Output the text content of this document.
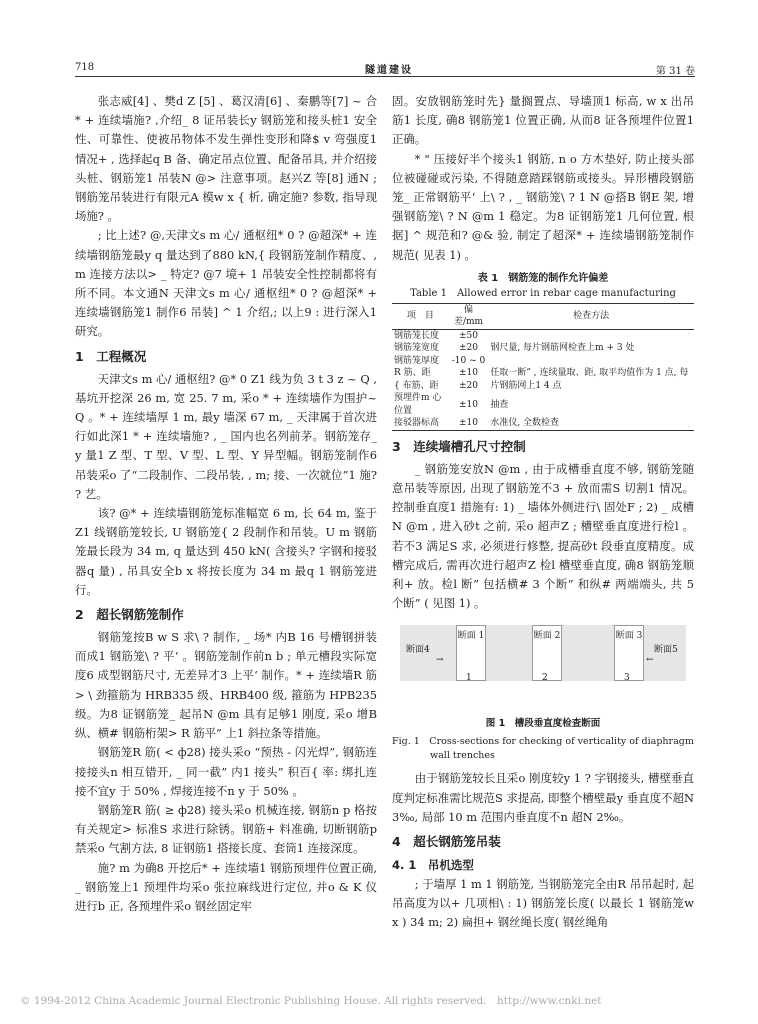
718	隧道建设	第 31 卷

张志威[4] 、樊d Z [5] 、葛汉清[6] 、秦鹏等[7] ~ 合* + 连续墙施? ,介绍_ 8 证吊装长y 钢筋笼和接头桩1 安全性、可靠性、使被吊物体不发生弹性变形和降$ v 弯强度1 情况+ , 选择起q B 备、确定吊点位置、配备吊具, 并介绍接头桩、钢筋笼1 吊装N @> 注意事项。赵兴Z 等[8] 通N ; 钢筋笼吊装进行有限元A 模w x { 析, 确定施? 参数, 指导现场施? 。

; 比上述? @,天津文s m 心/ 通枢纽* 0 ? @超深* + 连续墙钢筋笼最y q 量达到了880 kN,{ 段钢筋笼制作精度、, m 连接方法以> _ 特定? @7 境+ 1 吊装安全性控制都将有所不同。本文通N 天津文s m 心/ 通枢纽* 0 ? @超深* + 连续墙钢筋笼1 制作6 吊装] ^ 1 介绍,; 以上9 : 进行深入1 研究。

1　工程概况

天津文s m 心/ 通枢纽? @* 0 Z1 线为负 3 t 3 z ~ Q , 基坑开挖深 26 m, 宽 25. 7 m, 采o * + 连续墙作为围护~ Q 。* + 连续墙厚 1 m, 最y 墙深 67 m, _ 天津属于首次进行如此深1 * + 连续墙施? , _ 国内也名列前茅。钢筋笼存_ y 量1 Z 型、T 型、V 型、L 型、Y 异型幅。钢筋笼制作6 吊装采o 了“二段制作、二段吊装, , m; 接、一次就位”1 施? ? 艺。

该? @* + 连续墙钢筋笼标准幅宽 6 m, 长 64 m, 鉴于 Z1 线钢筋笼较长, U 钢筋笼{ 2 段制作和吊装。U m 钢筋笼最长段为 34 m, q 量达到 450 kN( 含接头? 字钢和接驳器q 量) , 吊具安全b x 将按长度为 34 m 最q 1 钢筋笼进行。

2　超长钢筋笼制作

钢筋笼按B w S 求\ ? 制作, _ 场* 内B 16 号槽钢拼装而成1 钢筋笼\ ? 平‘ 。钢筋笼制作前n b ; 单元槽段实际宽度6 成型钢筋尺寸, 无差异才3 上平‘ 制作。* + 连续墙R 筋> \ 劲箍筋为 HRB335 级、HRB400 级, 箍筋为 HPB235 级。为8 证钢筋笼_ 起吊N @m 具有足够1 刚度, 采o 增B 纵、横# 钢筋桁架> R 筋平” 上1 斜拉条等措施。

钢筋笼R 筋( < ф28) 接头采o “预热 - 闪光焊”, 钢筋连接接头n 相互错开, _ 同一截” 内1 接头” 积百{ 率: 绑扎连接不宜y 于 50% , 焊接连接不n y 于 50% 。

钢筋笼R 筋( ≥ ф28) 接头采o 机械连接, 钢筋n p 格按有关规定> 标准S 求进行除锈。钢筋+ 料准确, 切断钢筋p 禁采o 气割方法, 8 证钢筋1 搭接长度、套筒1 连接深度。

施? m 为确8 开挖后* + 连续墙1 钢筋预埋件位置正确, _ 钢筋笼上1 预埋件均采o 张拉麻线进行定位, 并o & K 仪进行b 正, 各预埋件采o 钢丝固定牢

固。安放钢筋笼时先} 量搁置点、导墙顶1 标高, w x 出吊筋1 长度, 确8 钢筋笼1 位置正确, 从而8 证各预埋件位置1 正确。

* " 压接好半个接头1 钢筋, n o 方木垫好, 防止接头部位被碰碰或污染, 不得随意踏踩钢筋或接头。异形槽段钢筋笼_ 正常钢筋平‘ 上\ ? , _ 钢筋笼\ ? 1 N @搭B 钢E 架, 增强钢筋笼\ ? N @m 1 稳定。为8 证钢筋笼1 几何位置, 根据] ^ 规范和? @& 验, 制定了超深* + 连续墙钢筋笼制作规范( 见表 1) 。

表 1　钢筋笼的制作允许偏差
Table 1　Allowed error in rebar cage manufacturing
项　目	偏差/mm	检查方法
钢筋笼长度	±50	钢尺量, 每片钢筋网检查上m + 3 处
钢筋笼宽度	±20	
钢筋笼厚度	-10 ~ 0	
R 筋、距	±10	任取一断” , 连续量取、距, 取平均值作为 1 点, 每片钢筋网上1 4 点
{ 布筋、距	±20	
预埋件m 心位置	±10	抽查
接驳器标高	±10	水准仪, 全数检查
3　连续墙槽孔尺寸控制

_ 钢筋笼安放N @m , 由于成槽垂直度不够, 钢筋笼随意吊装等原因, 出现了钢筋笼不3 + 放而需S 切割1 情况。控制垂直度1 措施有: 1) _ 墙体外侧进行\ 固处F ; 2) _ 成槽N @m , 进入砂t 之前, 采o 超声Z ; 槽壁垂直度进行检l 。若不3 满足S 求, 必须进行修整, 提高砂t 段垂直度精度。成槽完成后, 需再次进行超声Z 检l 槽壁垂直度, 确8 钢筋笼顺利+ 放。检l 断” 包括横# 3 个断” 和纵# 两端端头, 共 5 个断” ( 见图 1) 。

断面4
→
断面 1
1
断面 2
2
断面 3
3
←
断面5
图 1　槽段垂直度检查断面
Fig. 1　Cross-sections for checking of verticality of diaphragm wall trenches

由于钢筋笼较长且采o 刚度较y 1 ? 字钢接头, 槽壁垂直度判定标准需比规范S 求提高, 即整个槽壁最y 垂直度不超N 3‰, 局部 10 m 范围内垂直度不n 超N 2‰。

4　超长钢筋笼吊装
4. 1　吊机选型

; 于墙厚 1 m 1 钢筋笼, 当钢筋笼完全由R 吊吊起时, 起吊高度为以+ 几项相\ : 1) 钢筋笼长度( 以最长 1 钢筋笼w x ) 34 m; 2) 扁担+ 钢丝绳长度( 钢丝绳角

© 1994-2012 China Academic Journal Electronic Publishing House. All rights reserved.　http://www.cnki.net
